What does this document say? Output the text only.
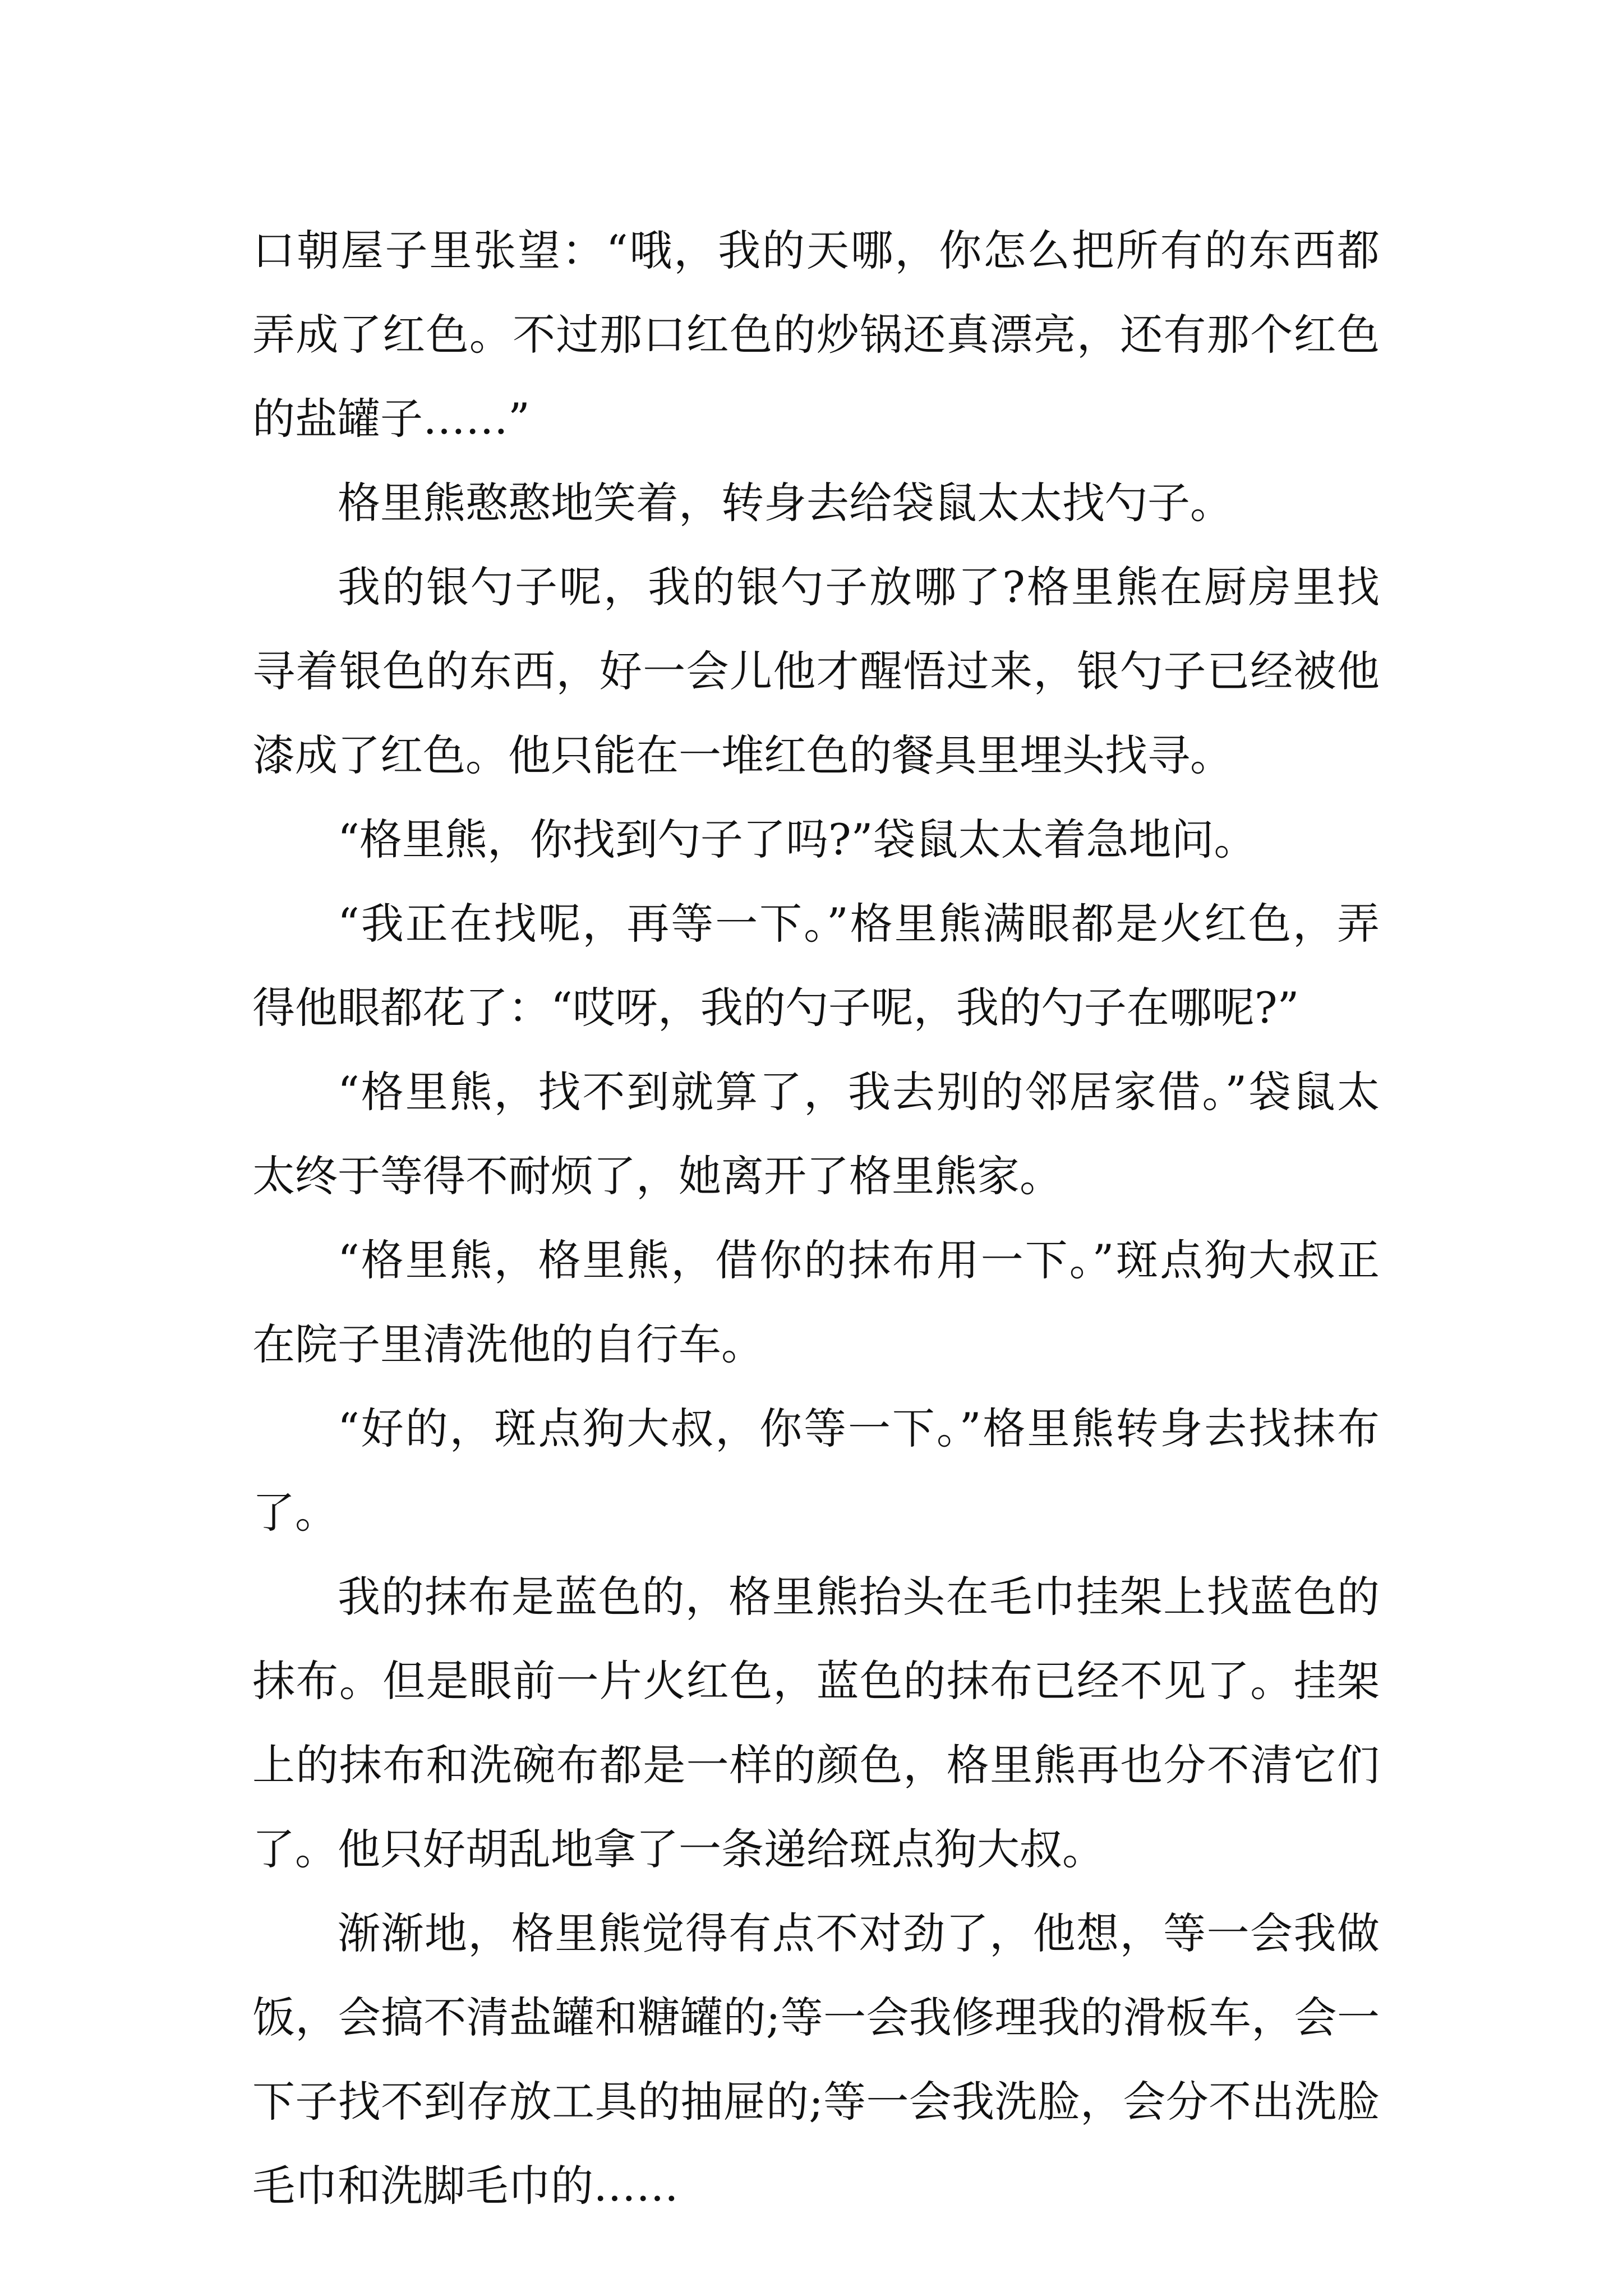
口朝屋子里张望：“哦，我的天哪，你怎么把所有的东西都弄成了红色。不过那口红色的炒锅还真漂亮，还有那个红色的盐罐子……”

格里熊憨憨地笑着，转身去给袋鼠太太找勺子。

我的银勺子呢，我的银勺子放哪了?格里熊在厨房里找寻着银色的东西，好一会儿他才醒悟过来，银勺子已经被他漆成了红色。他只能在一堆红色的餐具里埋头找寻。

“格里熊，你找到勺子了吗?”袋鼠太太着急地问。

“我正在找呢，再等一下。”格里熊满眼都是火红色，弄得他眼都花了：“哎呀，我的勺子呢，我的勺子在哪呢?”

“格里熊，找不到就算了，我去别的邻居家借。”袋鼠太太终于等得不耐烦了，她离开了格里熊家。

“格里熊，格里熊，借你的抹布用一下。”斑点狗大叔正在院子里清洗他的自行车。

“好的，斑点狗大叔，你等一下。”格里熊转身去找抹布了。

我的抹布是蓝色的，格里熊抬头在毛巾挂架上找蓝色的抹布。但是眼前一片火红色，蓝色的抹布已经不见了。挂架上的抹布和洗碗布都是一样的颜色，格里熊再也分不清它们了。他只好胡乱地拿了一条递给斑点狗大叔。

渐渐地，格里熊觉得有点不对劲了，他想，等一会我做饭，会搞不清盐罐和糖罐的;等一会我修理我的滑板车，会一下子找不到存放工具的抽屉的;等一会我洗脸，会分不出洗脸毛巾和洗脚毛巾的……
